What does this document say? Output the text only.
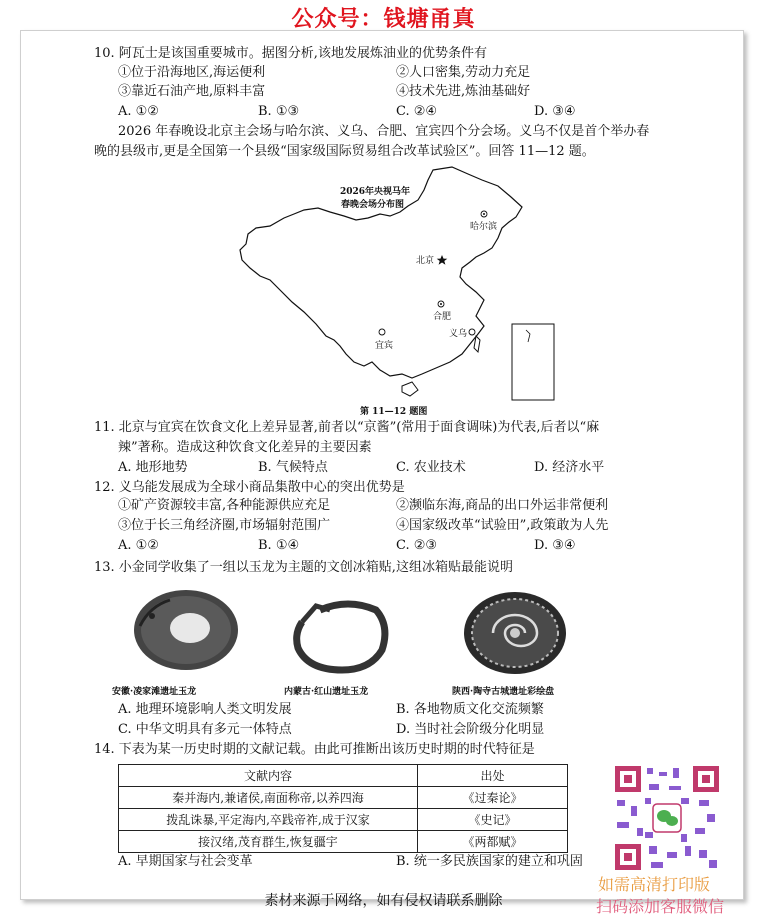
公众号：钱塘甬真
10. 阿瓦士是该国重要城市。据图分析,该地发展炼油业的优势条件有
①位于沿海地区,海运便利	②人口密集,劳动力充足
③靠近石油产地,原料丰富	④技术先进,炼油基础好
A. ①②	B. ①③	C. ②④	D. ③④
2026 年春晚设北京主会场与哈尔滨、义乌、合肥、宜宾四个分会场。义乌不仅是首个举办春
晚的县级市,更是全国第一个县级“国家级国际贸易组合改革试验区”。回答 11—12 题。
2026年央视马年
春晚会场分布图
哈尔滨
北京
合肥
义乌
宜宾
第 11—12 题图
11. 北京与宜宾在饮食文化上差异显著,前者以“京酱”(常用于面食调味)为代表,后者以“麻
辣”著称。造成这种饮食文化差异的主要因素
A. 地形地势	B. 气候特点	C. 农业技术	D. 经济水平
12. 义乌能发展成为全球小商品集散中心的突出优势是
①矿产资源较丰富,各种能源供应充足	②濒临东海,商品的出口外运非常便利
③位于长三角经济圈,市场辐射范围广	④国家级改革“试验田”,政策敢为人先
A. ①②	B. ①④	C. ②③	D. ③④
13. 小金同学收集了一组以玉龙为主题的文创冰箱贴,这组冰箱贴最能说明
安徽·凌家滩遗址玉龙	内蒙古·红山遗址玉龙	陕西·陶寺古城遗址彩绘盘
A. 地理环境影响人类文明发展	B. 各地物质文化交流频繁
C. 中华文明具有多元一体特点	D. 当时社会阶级分化明显
14. 下表为某一历史时期的文献记载。由此可推断出该历史时期的时代特征是
文献内容	出处
秦并海内,兼诸侯,南面称帝,以养四海	《过秦论》
拨乱诛暴,平定海内,卒践帝祚,成于汉家	《史记》
接汉绪,茂育群生,恢复疆宇	《两都赋》
A. 早期国家与社会变革	B. 统一多民族国家的建立和巩固
素材来源于网络，如有侵权请联系删除
如需高清打印版
扫码添加客服微信
